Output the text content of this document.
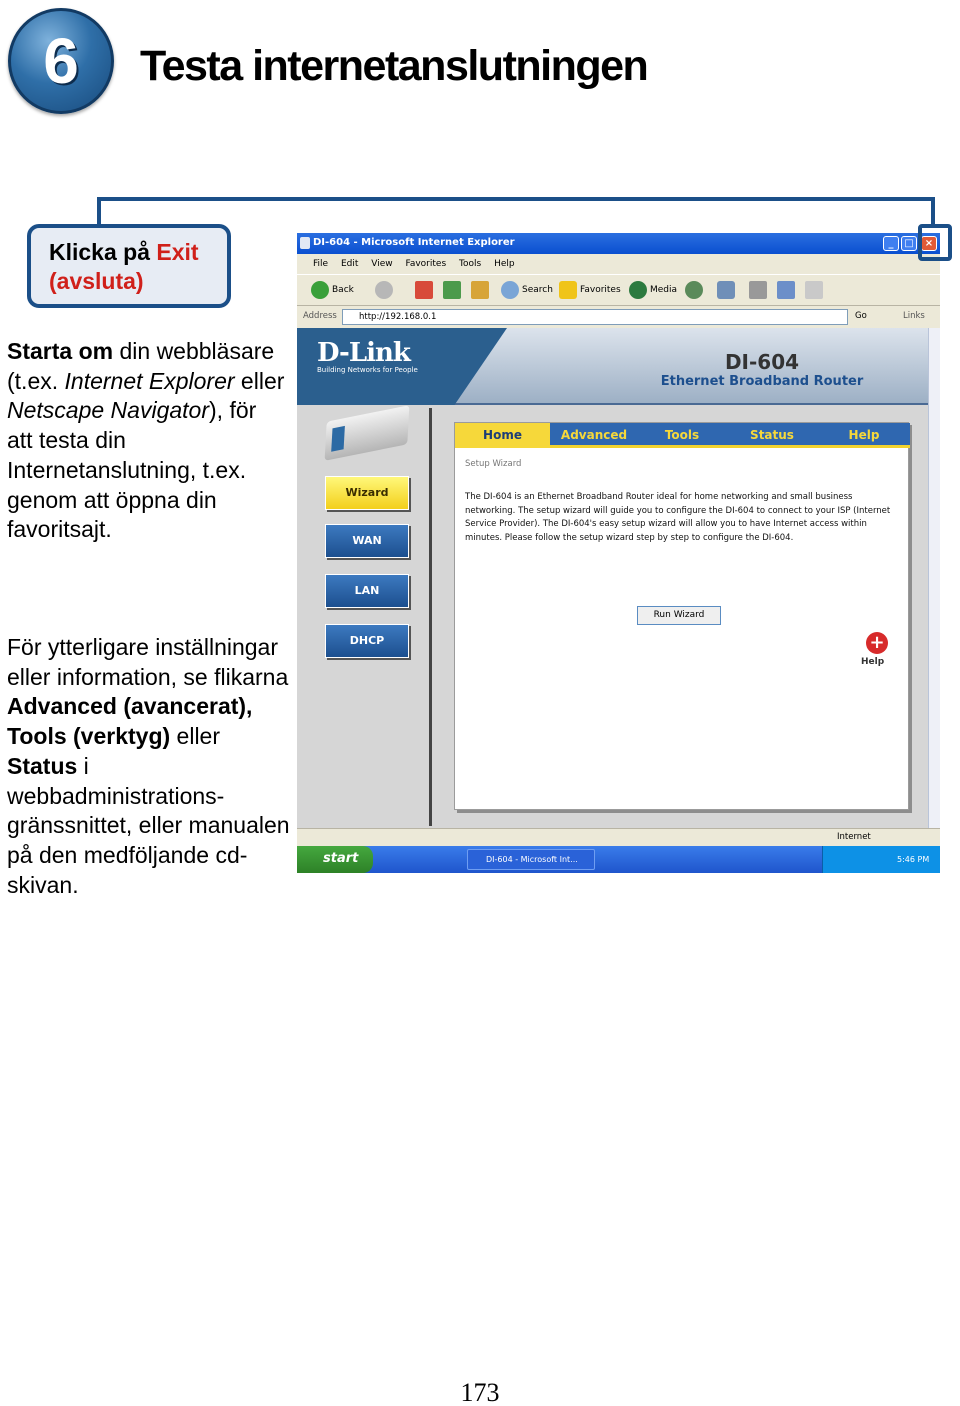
6 Testa internetanslutningen
Klicka på Exit
(avsluta)
Starta om din webbläsare (t.ex. Internet Explorer eller Netscape Navigator), för att testa din Internetanslutning, t.ex. genom att öppna din favoritsajt.
För ytterligare inställningar eller information, se flikarna Advanced (avancerat), Tools (verktyg) eller
Status i webbadministrations-gränssnittet, eller manualen på den medföljande cd-skivan.
DI-604 - Microsoft Internet Explorer	_	□	×
File Edit View Favorites Tools Help
Back	Search	Favorites	Media
Address	http://192.168.0.1	Go	Links
D-Link
Building Networks for People	DI-604
Ethernet Broadband Router
Wizard
WAN
LAN
DHCP
Home	Advanced	Tools	Status	Help
Setup Wizard
The DI-604 is an Ethernet Broadband Router ideal for home networking and small business networking. The setup wizard will guide you to configure the DI-604 to connect to your ISP (Internet Service Provider). The DI-604's easy setup wizard will allow you to have Internet access within minutes. Please follow the setup wizard step by step to configure the DI-604.
Run Wizard
+
Help
Internet
start	DI-604 - Microsoft Int...	5:46 PM
173
